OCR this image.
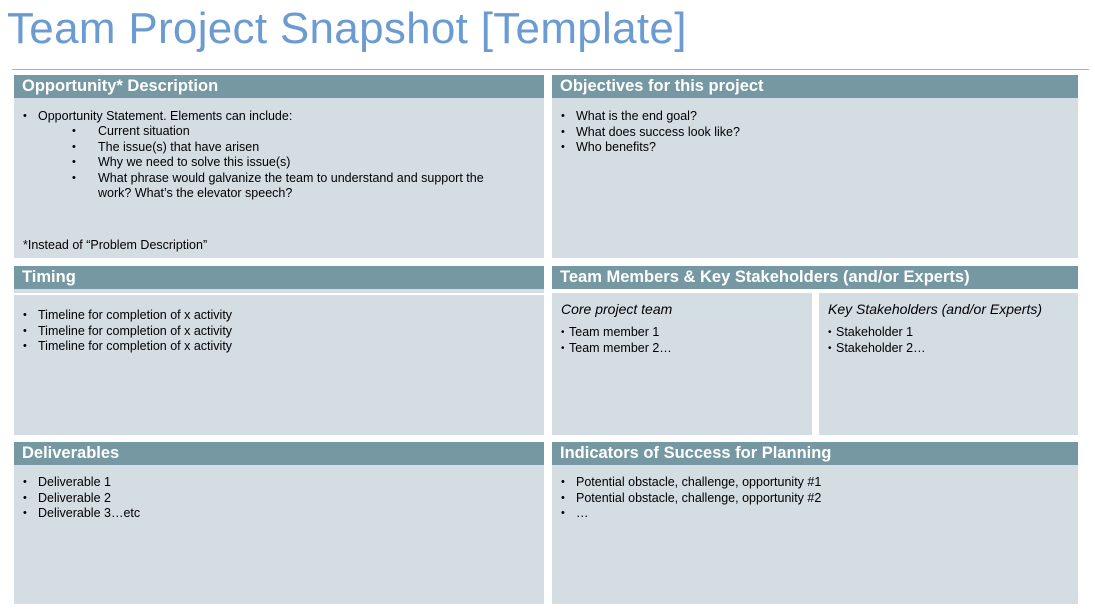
Team Project Snapshot [Template]
Opportunity* Description
• Opportunity Statement. Elements can include:
• Current situation
• The issue(s) that have arisen
• Why we need to solve this issue(s)
• What phrase would galvanize the team to understand and support the work? What’s the elevator speech?
*Instead of “Problem Description”
Objectives for this project
• What is the end goal?
• What does success look like?
• Who benefits?
Timing
• Timeline for completion of x activity
• Timeline for completion of x activity
• Timeline for completion of x activity
Team Members & Key Stakeholders (and/or Experts)
Core project team
• Team member 1
• Team member 2…
Key Stakeholders (and/or Experts)
• Stakeholder 1
• Stakeholder 2…
Deliverables
• Deliverable 1
• Deliverable 2
• Deliverable 3…etc
Indicators of Success for Planning
• Potential obstacle, challenge, opportunity #1
• Potential obstacle, challenge, opportunity #2
• …
